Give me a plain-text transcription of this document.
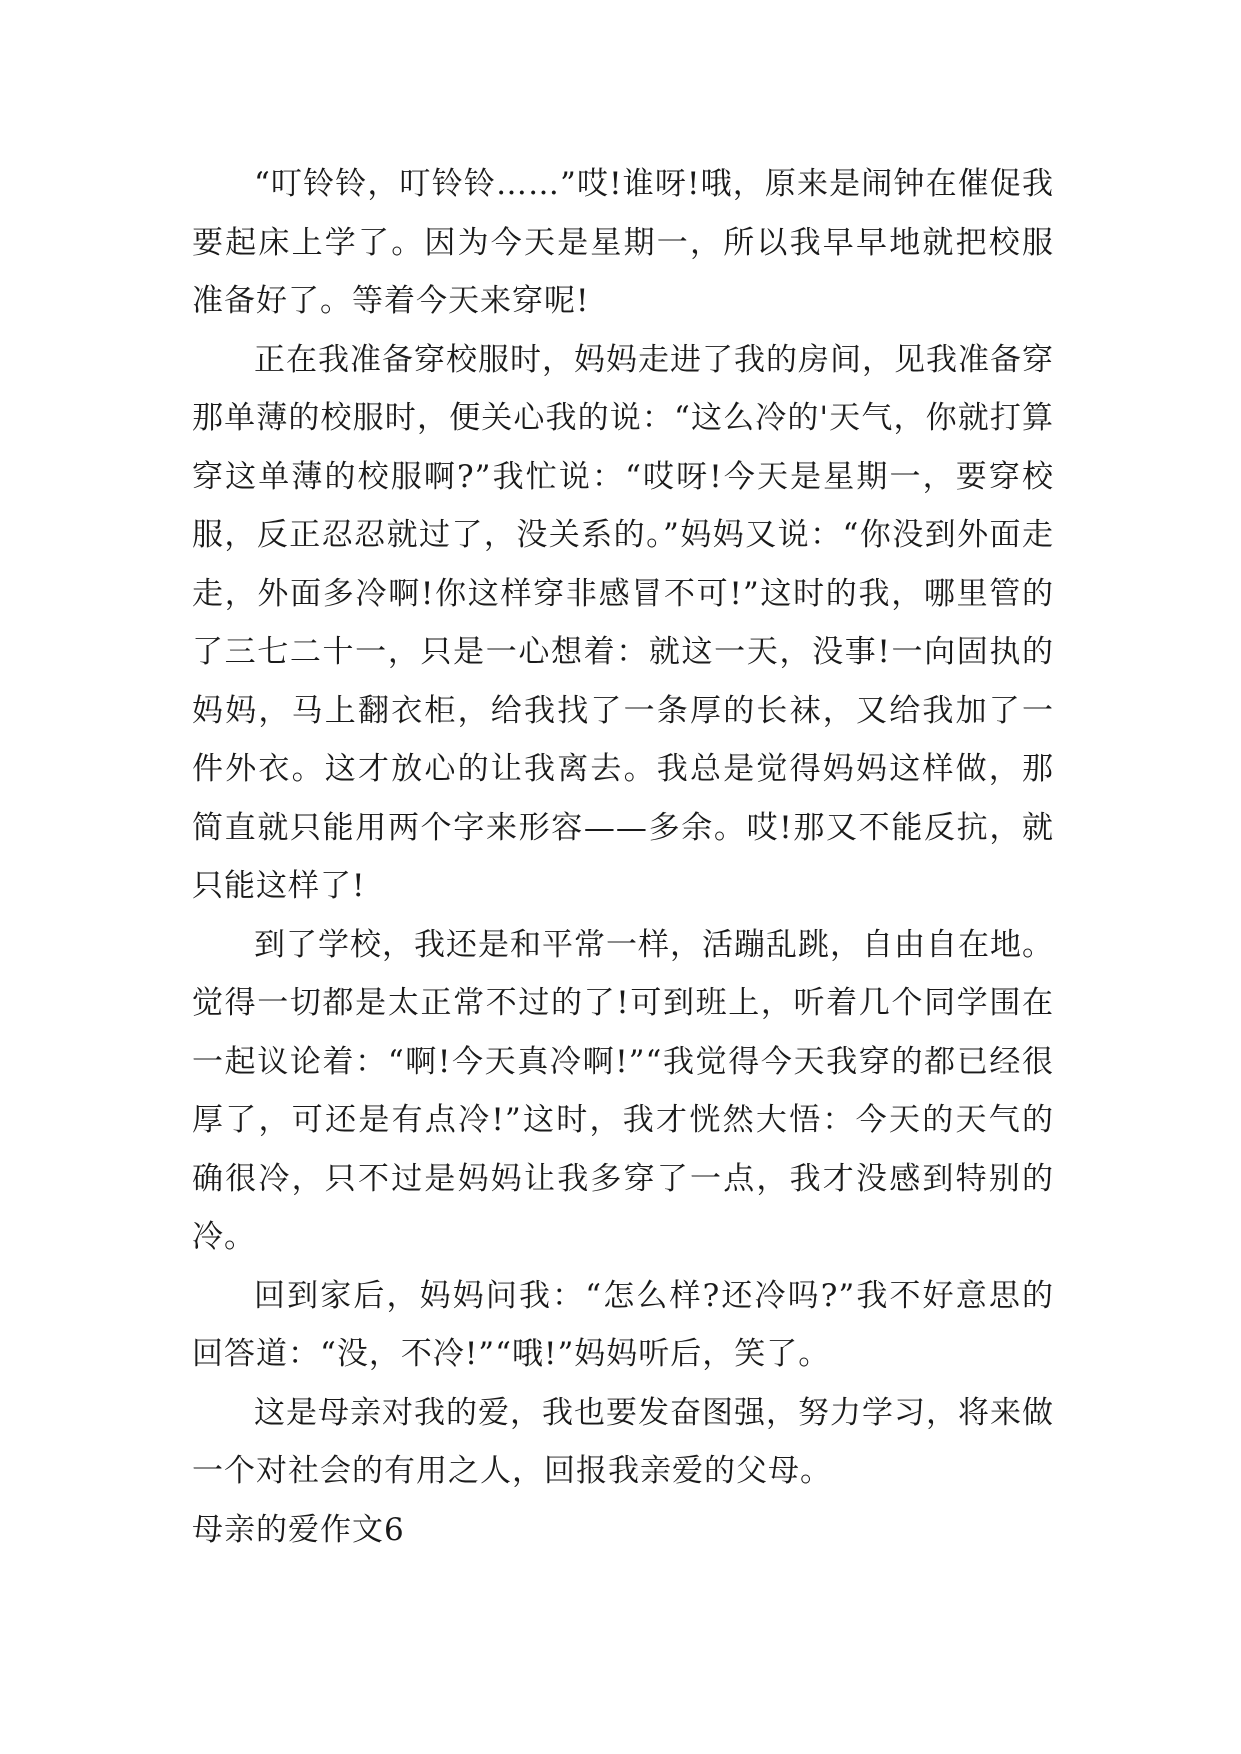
“叮铃铃，叮铃铃……”哎!谁呀!哦，原来是闹钟在催促我要起床上学了。因为今天是星期一，所以我早早地就把校服准备好了。等着今天来穿呢!

正在我准备穿校服时，妈妈走进了我的房间，见我准备穿那单薄的校服时，便关心我的说：“这么冷的'天气，你就打算穿这单薄的校服啊?”我忙说：“哎呀!今天是星期一，要穿校服，反正忍忍就过了，没关系的。”妈妈又说：“你没到外面走走，外面多冷啊!你这样穿非感冒不可!”这时的我，哪里管的了三七二十一，只是一心想着：就这一天，没事!一向固执的妈妈，马上翻衣柜，给我找了一条厚的长袜，又给我加了一件外衣。这才放心的让我离去。我总是觉得妈妈这样做，那简直就只能用两个字来形容——多余。哎!那又不能反抗，就只能这样了!

到了学校，我还是和平常一样，活蹦乱跳，自由自在地。觉得一切都是太正常不过的了!可到班上，听着几个同学围在一起议论着：“啊!今天真冷啊!”“我觉得今天我穿的都已经很厚了，可还是有点冷!”这时，我才恍然大悟：今天的天气的确很冷，只不过是妈妈让我多穿了一点，我才没感到特别的冷。

回到家后，妈妈问我：“怎么样?还冷吗?”我不好意思的回答道：“没，不冷!”“哦!”妈妈听后，笑了。

这是母亲对我的爱，我也要发奋图强，努力学习，将来做一个对社会的有用之人，回报我亲爱的父母。

母亲的爱作文6
